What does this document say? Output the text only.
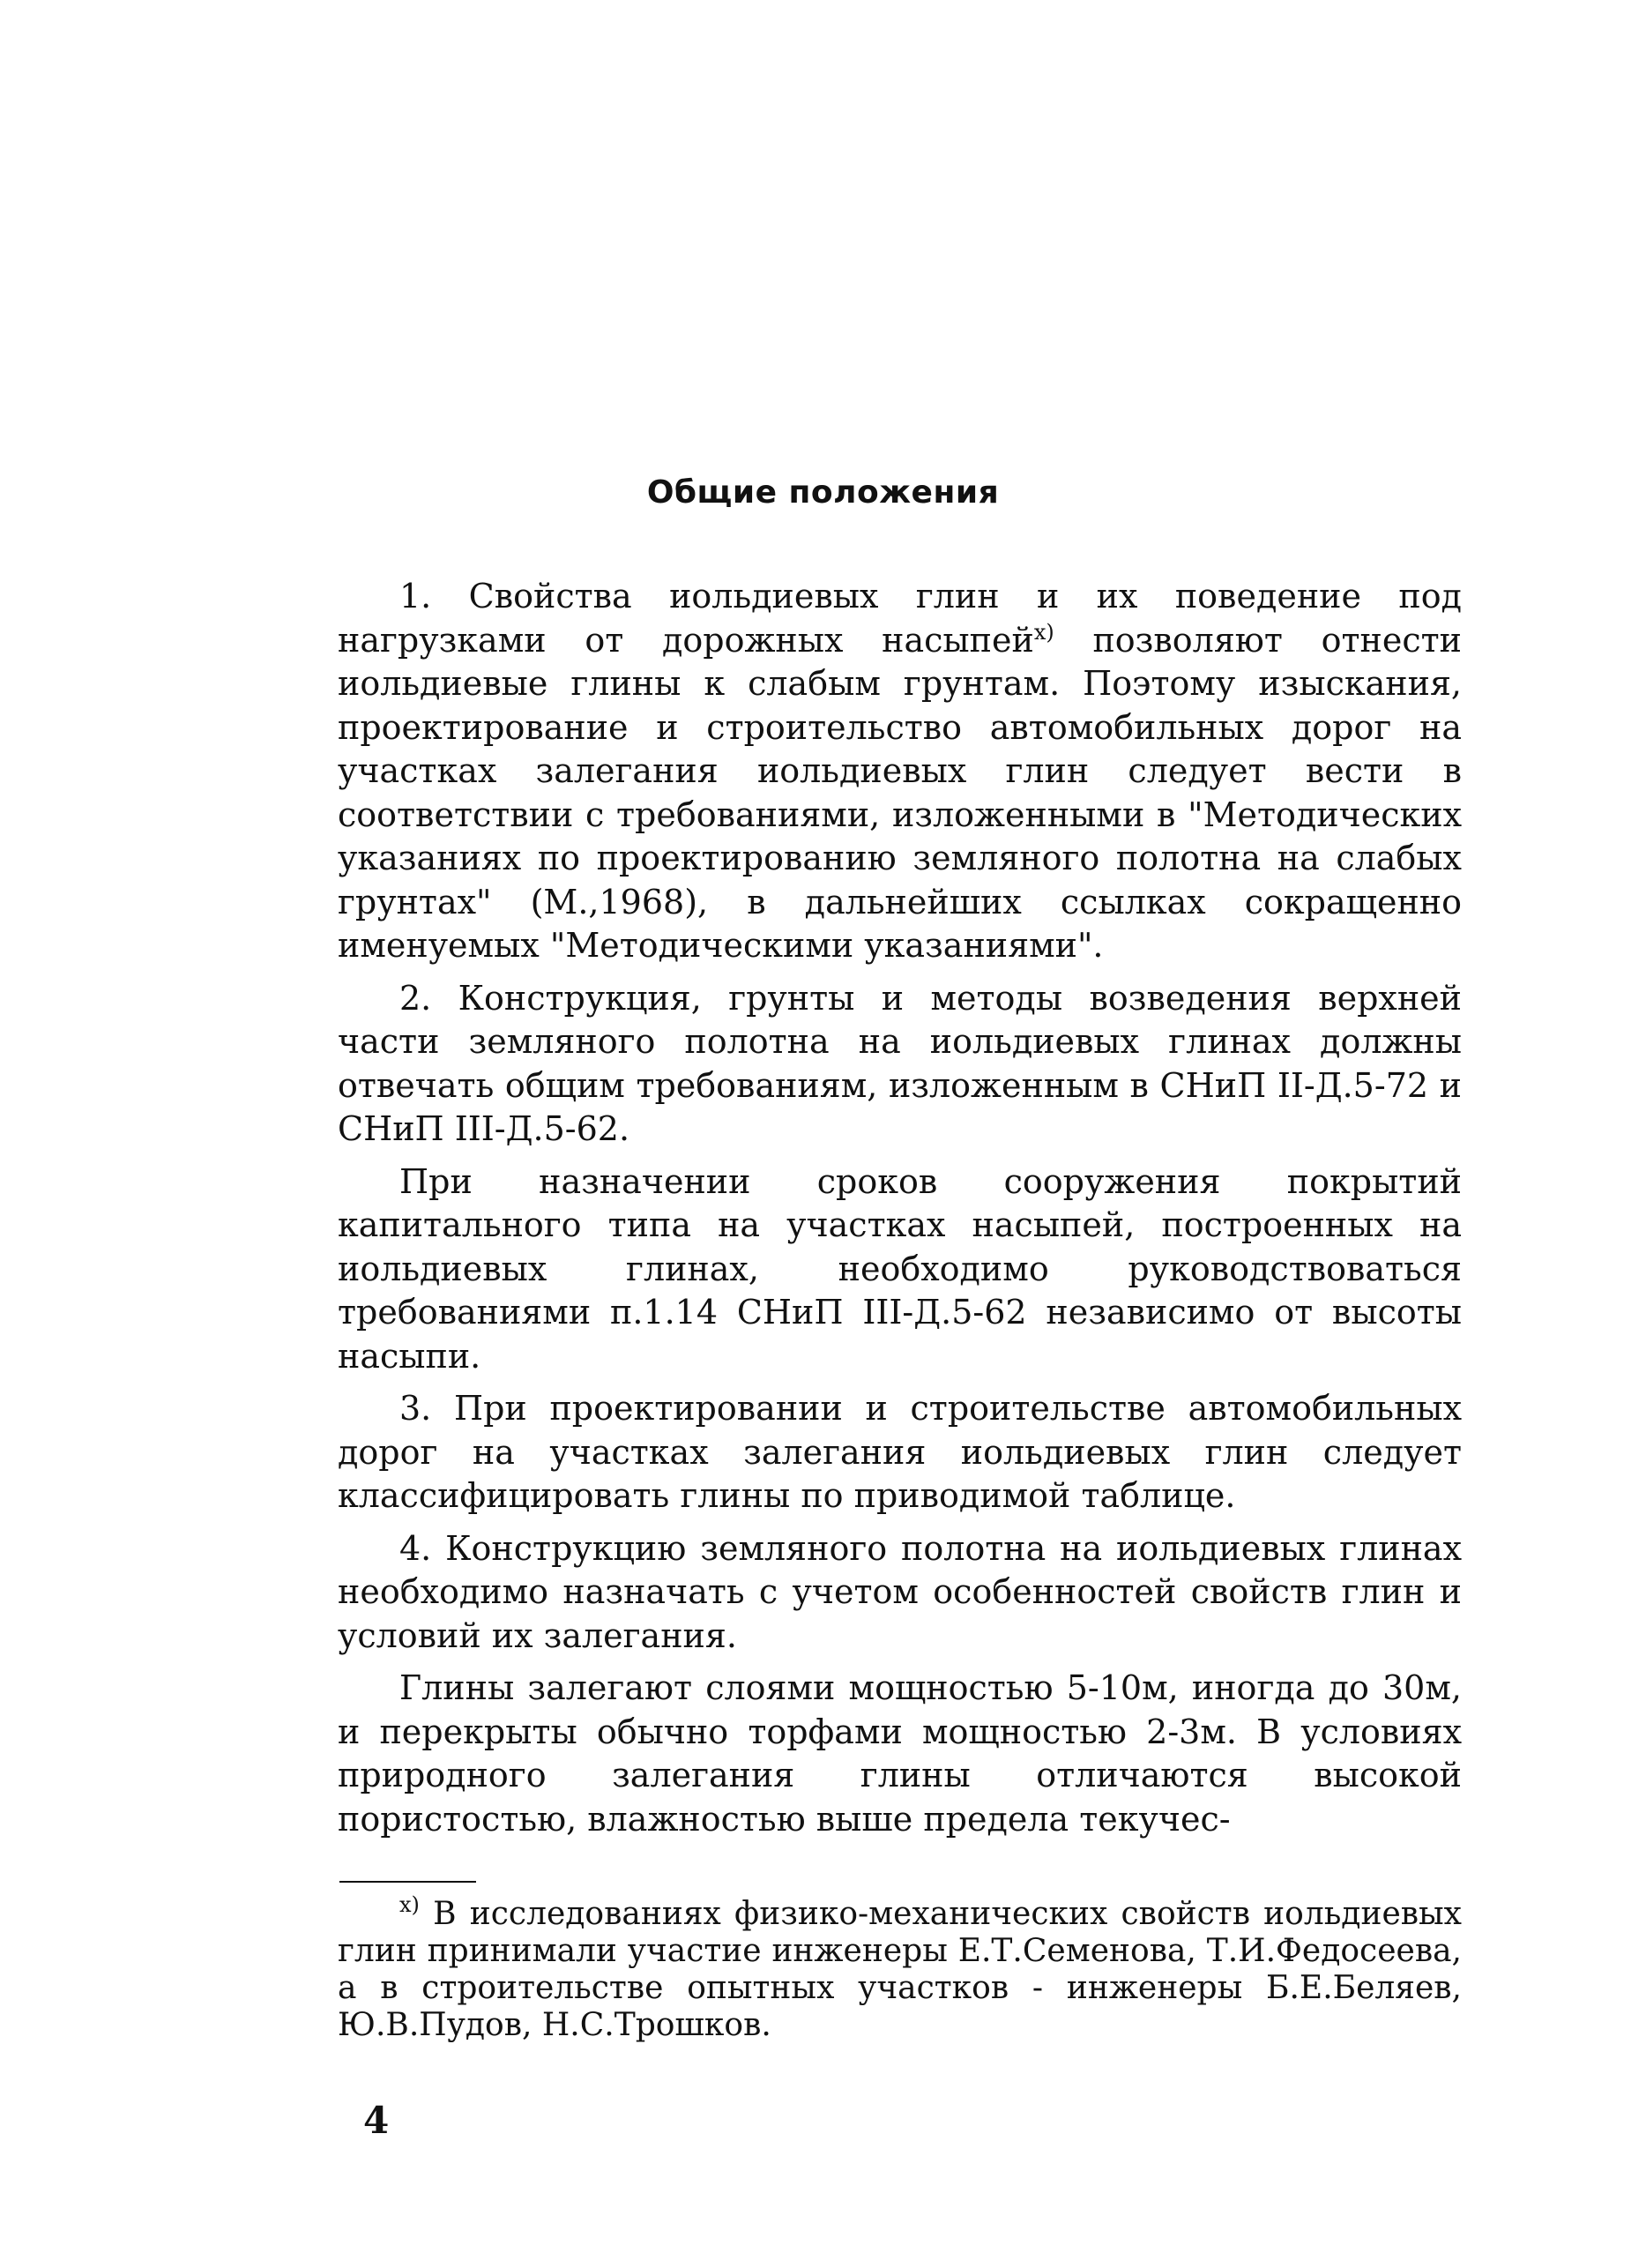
Общие положения

1. Свойства иольдиевых глин и их поведение под нагрузками от дорожных насыпей$^{x)}$ позволяют отнести иольдиевые глины к слабым грунтам. Поэтому изыскания, проектирование и строительство автомобильных дорог на участках залегания иольдиевых глин следует вести в соответствии с требованиями, изложенными в "Методических указаниях по проектированию земляного полотна на слабых грунтах" (М.,1968), в дальнейших ссылках сокращенно именуемых "Методическими указаниями".

2. Конструкция, грунты и методы возведения верхней части земляного полотна на иольдиевых глинах должны отвечать общим требованиям, изложенным в СНиП II-Д.5-72 и СНиП III-Д.5-62.

При назначении сроков сооружения покрытий капитального типа на участках насыпей, построенных на иольдиевых глинах, необходимо руководствоваться требованиями п.1.14 СНиП III-Д.5-62 независимо от высоты насыпи.

3. При проектировании и строительстве автомобильных дорог на участках залегания иольдиевых глин следует классифицировать глины по приводимой таблице.

4. Конструкцию земляного полотна на иольдиевых глинах необходимо назначать с учетом особенностей свойств глин и условий их залегания.

Глины залегают слоями мощностью 5-10м, иногда до 30м, и перекрыты обычно торфами мощностью 2-3м. В условиях природного залегания глины отличаются высокой пористостью, влажностью выше предела текучес-

$^{x)}$ В исследованиях физико-механических свойств иольдиевых глин принимали участие инженеры Е.Т.Семенова, Т.И.Федосеева, а в строительстве опытных участков - инженеры Б.Е.Беляев, Ю.В.Пудов, Н.С.Трошков.

4
